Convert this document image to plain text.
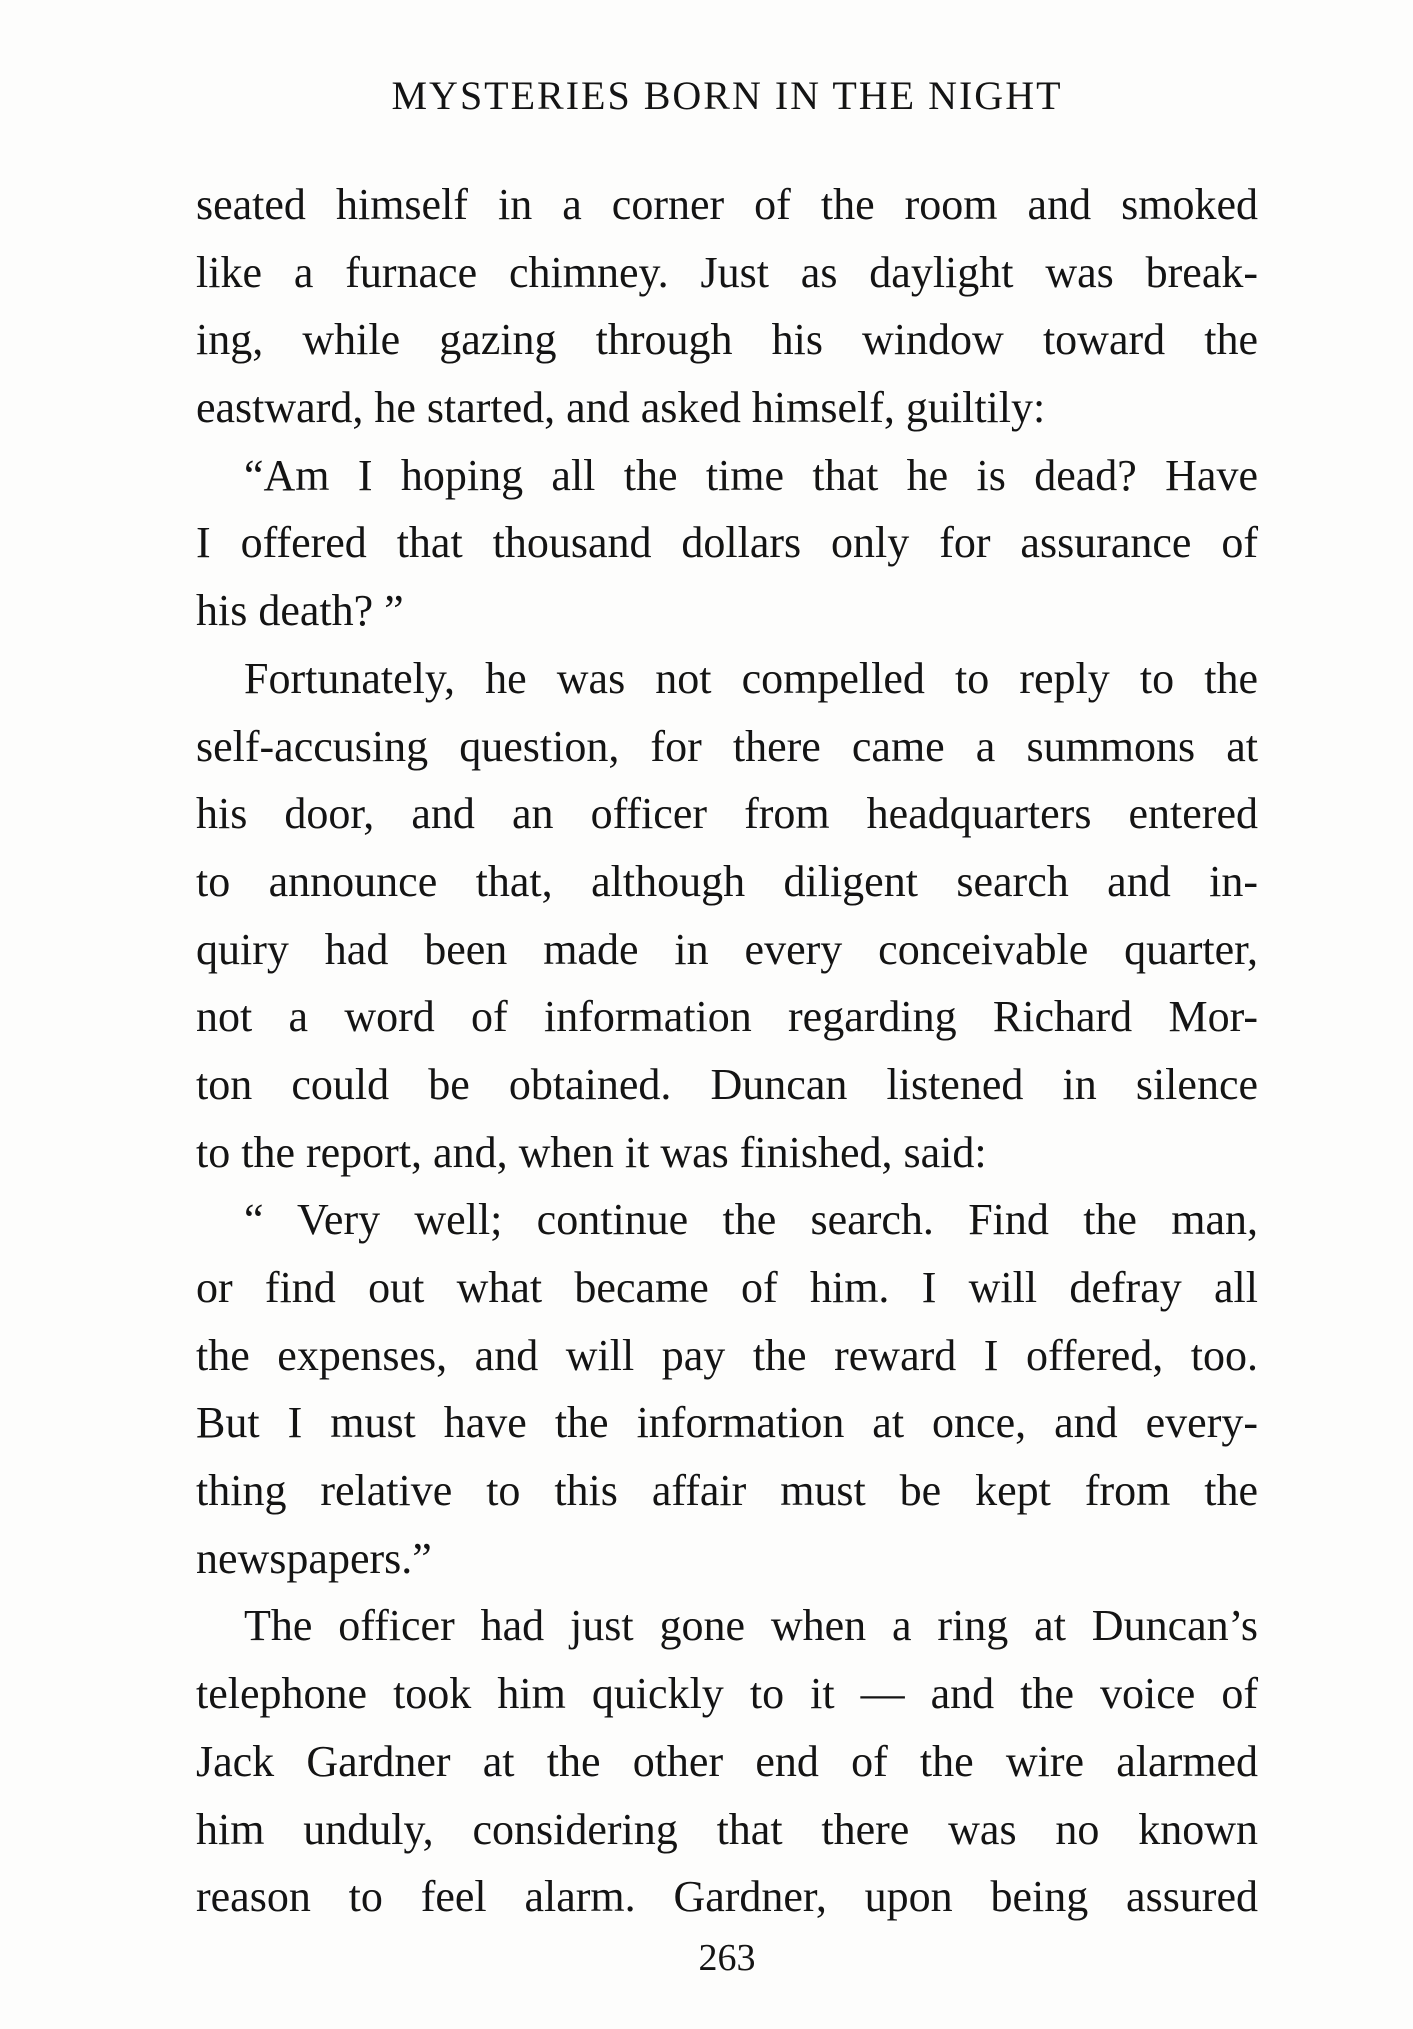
MYSTERIES BORN IN THE NIGHT
seated himself in a corner of the room and smoked
like a furnace chimney. Just as daylight was break-
ing, while gazing through his window toward the
eastward, he started, and asked himself, guiltily:
“Am I hoping all the time that he is dead? Have
I offered that thousand dollars only for assurance of
his death? ”
Fortunately, he was not compelled to reply to the
self-accusing question, for there came a summons at
his door, and an officer from headquarters entered
to announce that, although diligent search and in-
quiry had been made in every conceivable quarter,
not a word of information regarding Richard Mor-
ton could be obtained. Duncan listened in silence
to the report, and, when it was finished, said:
“ Very well; continue the search. Find the man,
or find out what became of him. I will defray all
the expenses, and will pay the reward I offered, too.
But I must have the information at once, and every-
thing relative to this affair must be kept from the
newspapers.”
The officer had just gone when a ring at Duncan’s
telephone took him quickly to it — and the voice of
Jack Gardner at the other end of the wire alarmed
him unduly, considering that there was no known
reason to feel alarm. Gardner, upon being assured
263
